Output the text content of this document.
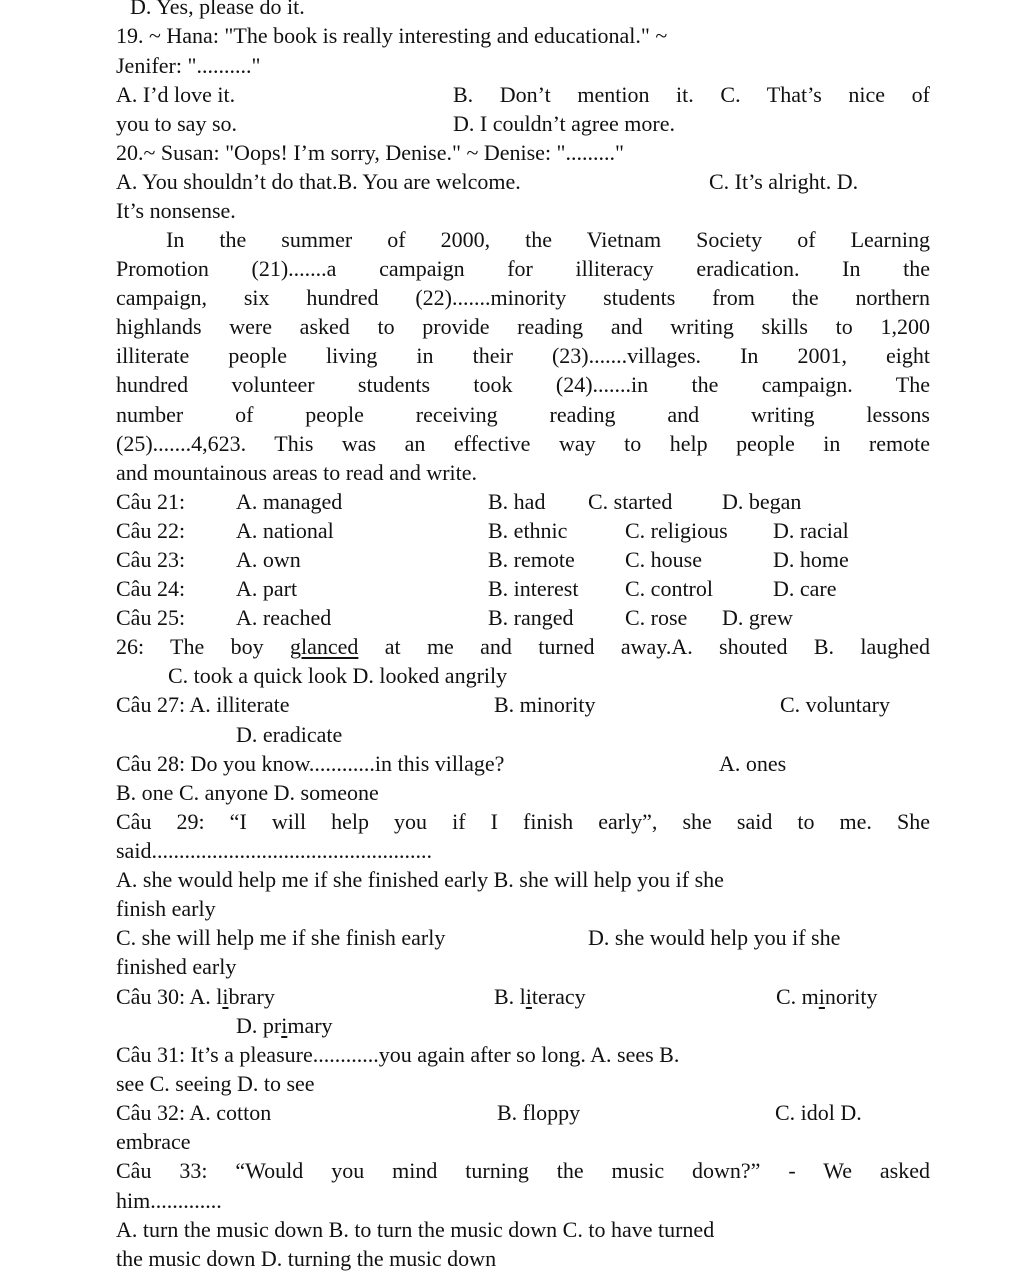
D. Yes, please do it.
19. ~ Hana: "The book is really interesting and educational." ~
Jenifer: ".........."
A. I’d love it.	B. Don’t mention it. C. That’s nice of
you to say so.	D. I couldn’t agree more.
20.~ Susan: "Oops! I’m sorry, Denise." ~ Denise: "........."
A. You shouldn’t do that.B. You are welcome.	C. It’s alright. D.
It’s nonsense.
In the summer of 2000, the Vietnam Society of Learning
Promotion (21).......a campaign for illiteracy eradication. In the
campaign, six hundred (22).......minority students from the northern
highlands were asked to provide reading and writing skills to 1,200
illiterate people living in their (23).......villages. In 2001, eight
hundred volunteer students took (24).......in the campaign. The
number of people receiving reading and writing lessons
(25).......4,623. This was an effective way to help people in remote
and mountainous areas to read and write.
Câu 21: A. managed	B. had C. started D. began
Câu 22: A. national	B. ethnic	C. religious D. racial
Câu 23: A. own	B. remote C. house	D. home
Câu 24: A. part	B. interest C. control	D. care
Câu 25: A. reached	B. ranged C. rose D. grew
26: The boy glanced at me and turned away.A. shouted B. laughed
C. took a quick look D. looked angrily
Câu 27: A. illiterate	B. minority	C. voluntary
D. eradicate
Câu 28: Do you know............in this village?	A. ones
B. one C. anyone D. someone
Câu 29: “I will help you if I finish early”, she said to me. She
said...................................................
A. she would help me if she finished early B. she will help you if she
finish early
C. she will help me if she finish early	D. she would help you if she
finished early
Câu 30: A. library	B. literacy	C. minority
D. primary
Câu 31: It’s a pleasure............you again after so long. A. sees B.
see C. seeing D. to see
Câu 32: A. cotton	B. floppy	C. idol D.
embrace
Câu 33: “Would you mind turning the music down?” - We asked
him.............
A. turn the music down B. to turn the music down C. to have turned
the music down D. turning the music down
